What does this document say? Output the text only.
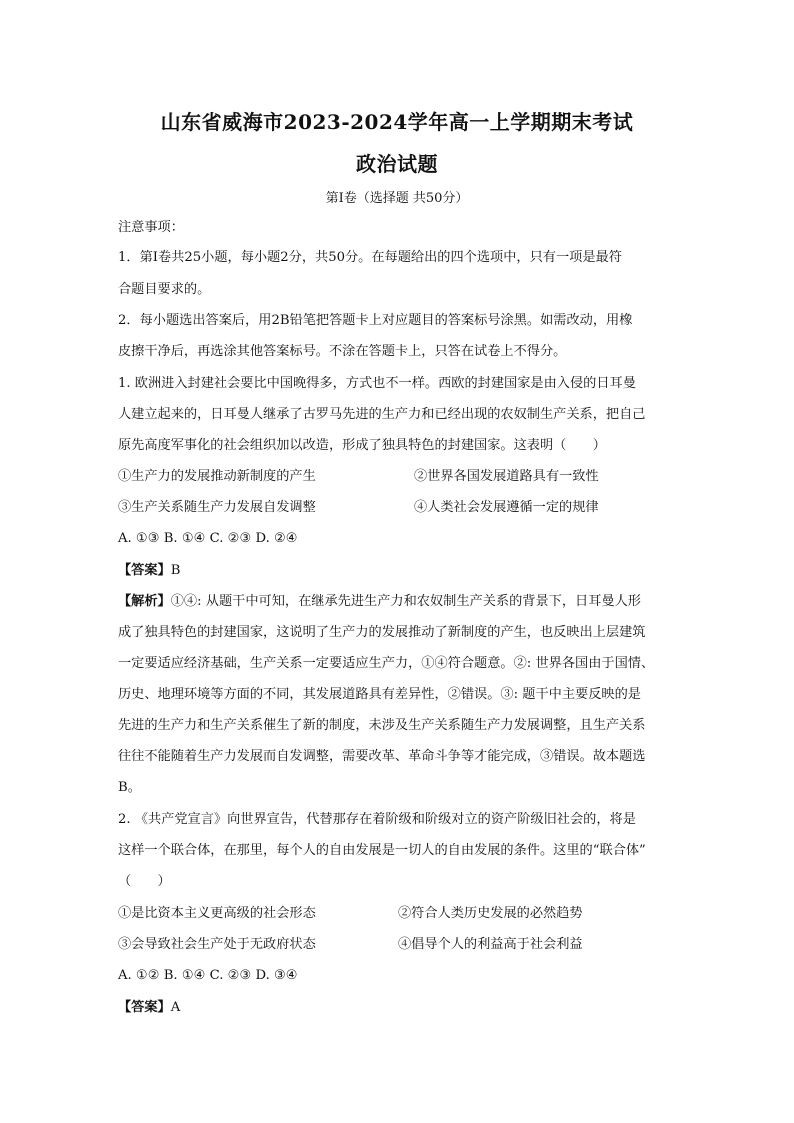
山东省威海市2023-2024学年高一上学期期末考试
政治试题
第Ⅰ卷（选择题 共50分）
注意事项：
1．第Ⅰ卷共25小题，每小题2分，共50分。在每题给出的四个选项中，只有一项是最符
合题目要求的。
2．每小题选出答案后，用2B铅笔把答题卡上对应题目的答案标号涂黑。如需改动，用橡
皮擦干净后，再选涂其他答案标号。不涂在答题卡上，只答在试卷上不得分。
1. 欧洲进入封建社会要比中国晚得多，方式也不一样。西欧的封建国家是由入侵的日耳曼
人建立起来的，日耳曼人继承了古罗马先进的生产力和已经出现的农奴制生产关系，把自己
原先高度军事化的社会组织加以改造，形成了独具特色的封建国家。这表明（　　）
①生产力的发展推动新制度的产生	②世界各国发展道路具有一致性
③生产关系随生产力发展自发调整	④人类社会发展遵循一定的规律
A. ①③ B. ①④ C. ②③ D. ②④
【答案】B
【解析】①④: 从题干中可知，在继承先进生产力和农奴制生产关系的背景下，日耳曼人形
成了独具特色的封建国家，这说明了生产力的发展推动了新制度的产生，也反映出上层建筑
一定要适应经济基础，生产关系一定要适应生产力，①④符合题意。②: 世界各国由于国情、
历史、地理环境等方面的不同，其发展道路具有差异性，②错误。③: 题干中主要反映的是
先进的生产力和生产关系催生了新的制度，未涉及生产关系随生产力发展调整，且生产关系
往往不能随着生产力发展而自发调整，需要改革、革命斗争等才能完成，③错误。故本题选
B。
2. 《共产党宣言》向世界宣告，代替那存在着阶级和阶级对立的资产阶级旧社会的，将是
这样一个联合体，在那里，每个人的自由发展是一切人的自由发展的条件。这里的“联合体”
（　　）
①是比资本主义更高级的社会形态	②符合人类历史发展的必然趋势
③会导致社会生产处于无政府状态	④倡导个人的利益高于社会利益
A. ①② B. ①④ C. ②③ D. ③④
【答案】A
